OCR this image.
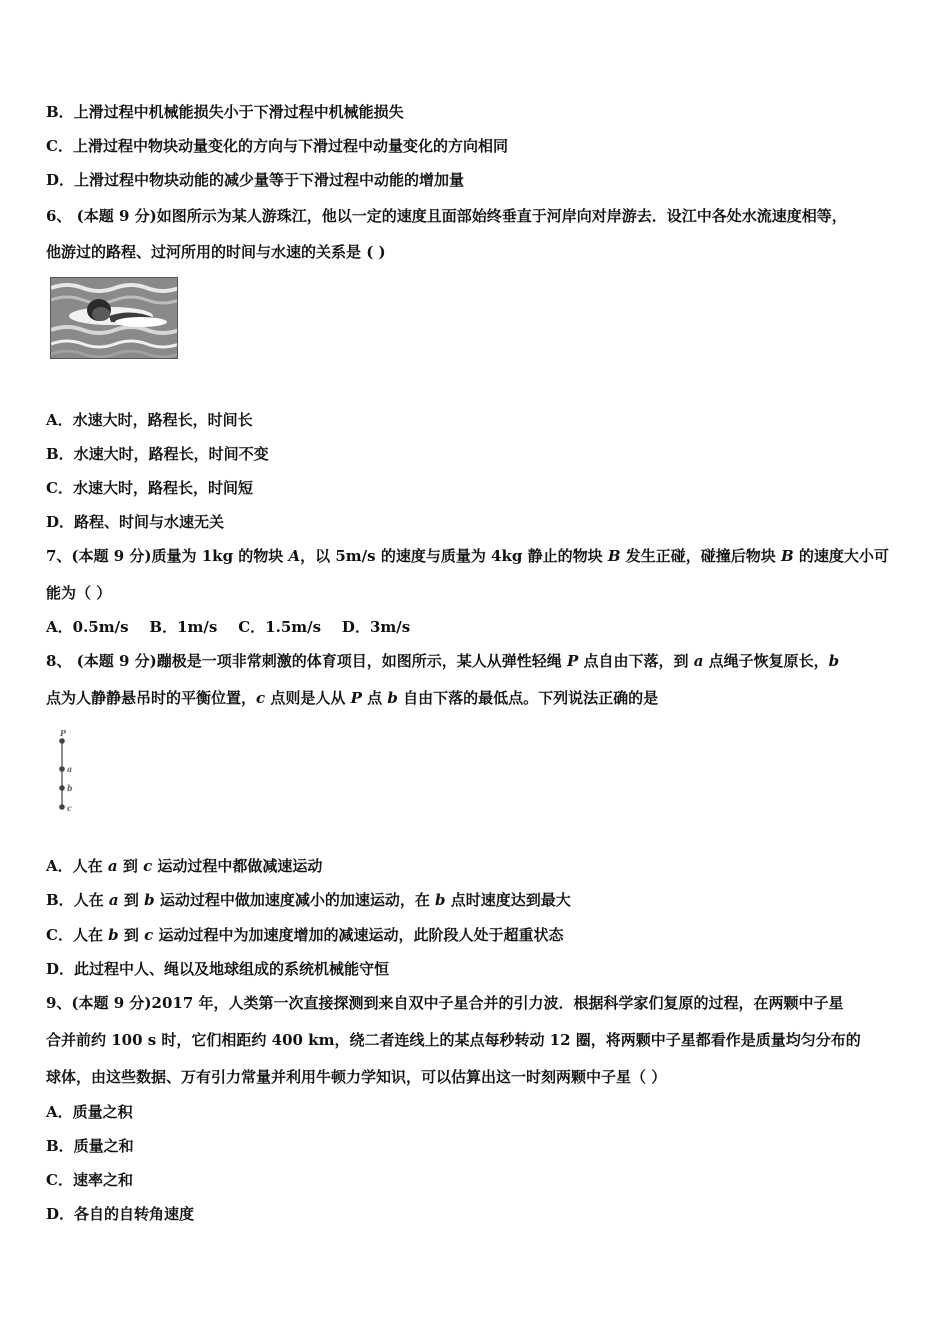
B．上滑过程中机械能损失小于下滑过程中机械能损失
C．上滑过程中物块动量变化的方向与下滑过程中动量变化的方向相同
D．上滑过程中物块动能的减少量等于下滑过程中动能的增加量
6、 (本题 9 分)如图所示为某人游珠江，他以一定的速度且面部始终垂直于河岸向对岸游去．设江中各处水流速度相等，
他游过的路程、过河所用的时间与水速的关系是 ( )
A．水速大时，路程长，时间长
B．水速大时，路程长，时间不变
C．水速大时，路程长，时间短
D．路程、时间与水速无关
7、(本题 9 分)质量为 1kg 的物块 A，以 5m/s 的速度与质量为 4kg 静止的物块 B 发生正碰，碰撞后物块 B 的速度大小可
能为（ ）
A．0.5m/s    B．1m/s    C．1.5m/s    D．3m/s
8、 (本题 9 分)蹦极是一项非常刺激的体育项目，如图所示，某人从弹性轻绳 P 点自由下落，到 a 点绳子恢复原长，b
点为人静静悬吊时的平衡位置，c 点则是人从 P 点 b 自由下落的最低点。下列说法正确的是
P
a
b
c
A．人在 a 到 c 运动过程中都做减速运动
B．人在 a 到 b 运动过程中做加速度减小的加速运动，在 b 点时速度达到最大
C．人在 b 到 c 运动过程中为加速度增加的减速运动，此阶段人处于超重状态
D．此过程中人、绳以及地球组成的系统机械能守恒
9、(本题 9 分)2017 年，人类第一次直接探测到来自双中子星合并的引力波．根据科学家们复原的过程，在两颗中子星
合并前约 100 s 时，它们相距约 400 km，绕二者连线上的某点每秒转动 12 圈，将两颗中子星都看作是质量均匀分布的
球体，由这些数据、万有引力常量并利用牛顿力学知识，可以估算出这一时刻两颗中子星（ ）
A．质量之积
B．质量之和
C．速率之和
D．各自的自转角速度
